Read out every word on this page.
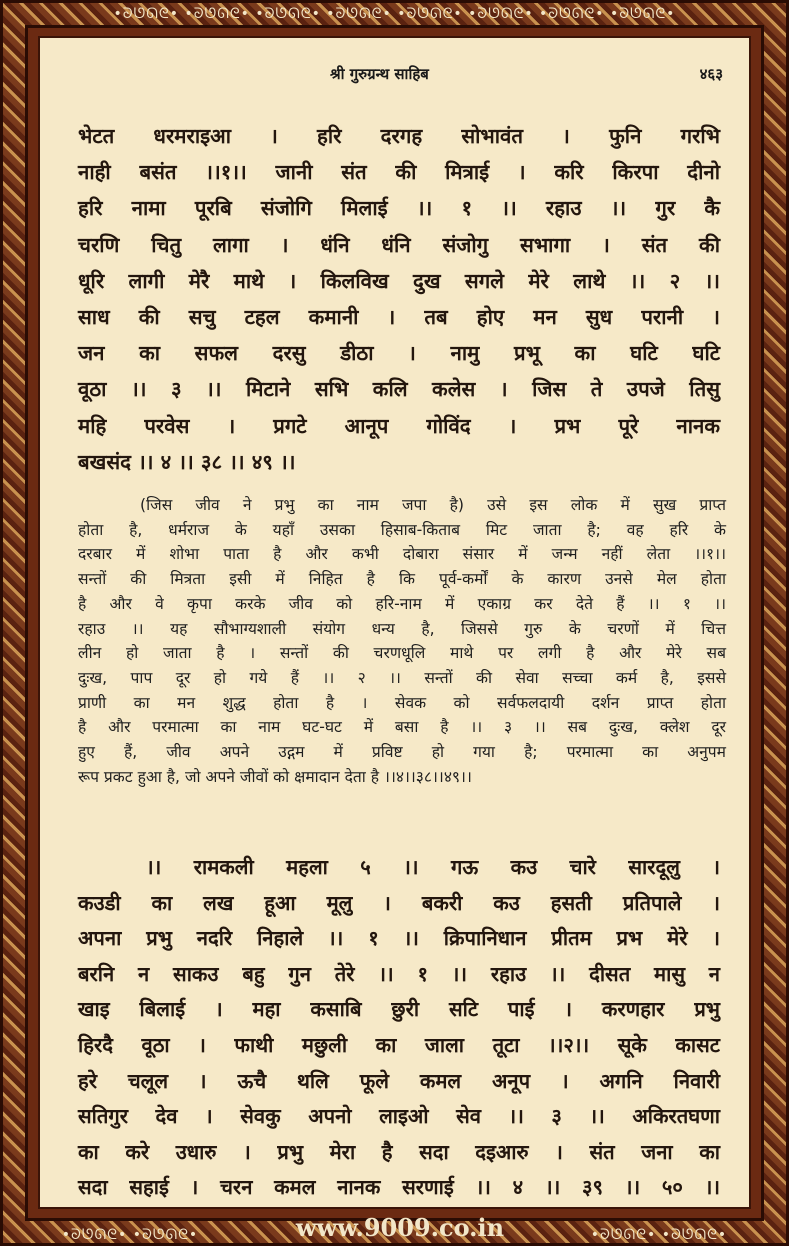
•ᘐᘎᘏᘓ• •ᘐᘎᘏᘓ• •ᘐᘎᘏᘓ• •ᘐᘎᘏᘓ• •ᘐᘎᘏᘓ• •ᘐᘎᘏᘓ• •ᘐᘎᘏᘓ• •ᘐᘎᘏᘓ•
श्री गुरुग्रन्थ साहिब	४६३
भेटत धरमराइआ । हरि दरगह सोभावंत । फुनि गरभि
नाही बसंत ।।१।। जानी संत की मित्राई । करि किरपा दीनो
हरि नामा पूरबि संजोगि मिलाई ।। १ ।। रहाउ ।। गुर कै
चरणि चितु लागा । धंनि धंनि संजोगु सभागा । संत की
धूरि लागी मेरै माथे । किलविख दुख सगले मेरे लाथे ।। २ ।।
साध की सचु टहल कमानी । तब होए मन सुध परानी ।
जन का सफल दरसु डीठा । नामु प्रभू का घटि घटि
वूठा ।। ३ ।। मिटाने सभि कलि कलेस । जिस ते उपजे तिसु
महि परवेस । प्रगटे आनूप गोविंद । प्रभ पूरे नानक
बखसंद ।। ४ ।। ३८ ।। ४९ ।।
(जिस जीव ने प्रभु का नाम जपा है) उसे इस लोक में सुख प्राप्त
होता है, धर्मराज के यहाँ उसका हिसाब-किताब मिट जाता है; वह हरि के
दरबार में शोभा पाता है और कभी दोबारा संसार में जन्म नहीं लेता ।।१।।
सन्तों की मित्रता इसी में निहित है कि पूर्व-कर्मों के कारण उनसे मेल होता
है और वे कृपा करके जीव को हरि-नाम में एकाग्र कर देते हैं ।। १ ।।
रहाउ ।। यह सौभाग्यशाली संयोग धन्य है, जिससे गुरु के चरणों में चित्त
लीन हो जाता है । सन्तों की चरणधूलि माथे पर लगी है और मेरे सब
दुःख, पाप दूर हो गये हैं ।। २ ।। सन्तों की सेवा सच्चा कर्म है, इससे
प्राणी का मन शुद्ध होता है । सेवक को सर्वफलदायी दर्शन प्राप्त होता
है और परमात्मा का नाम घट-घट में बसा है ।। ३ ।। सब दुःख, क्लेश दूर
हुए हैं, जीव अपने उद्गम में प्रविष्ट हो गया है; परमात्मा का अनुपम
रूप प्रकट हुआ है, जो अपने जीवों को क्षमादान देता है ।।४।।३८।।४९।।
।। रामकली महला ५ ।। गऊ कउ चारे सारदूलु ।
कउडी का लख हूआ मूलु । बकरी कउ हसती प्रतिपाले ।
अपना प्रभु नदरि निहाले ।। १ ।। क्रिपानिधान प्रीतम प्रभ मेरे ।
बरनि न साकउ बहु गुन तेरे ।। १ ।। रहाउ ।। दीसत मासु न
खाइ बिलाई । महा कसाबि छुरी सटि पाई । करणहार प्रभु
हिरदै वूठा । फाथी मछुली का जाला तूटा ।।२।। सूके कासट
हरे चलूल । ऊचै थलि फूले कमल अनूप । अगनि निवारी
सतिगुर देव । सेवकु अपनो लाइओ सेव ।। ३ ।। अकिरतघणा
का करे उधारु । प्रभु मेरा है सदा दइआरु । संत जना का
सदा सहाई । चरन कमल नानक सरणाई ।। ४ ।। ३९ ।। ५० ।।
•ᘐᘎᘏᘓ• •ᘐᘎᘏᘓ•	www.9009.co.in	•ᘐᘎᘏᘓ• •ᘐᘎᘏᘓ•
